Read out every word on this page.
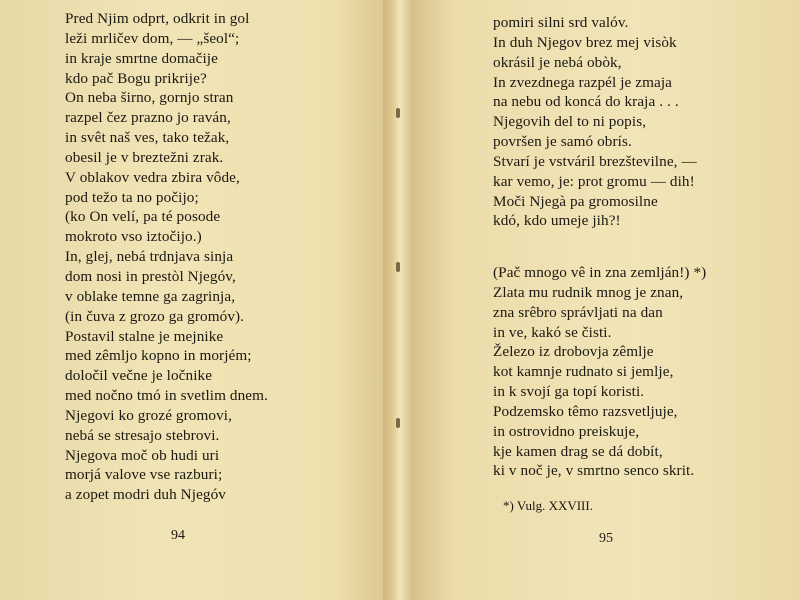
Pred Njim odprt, odkrit in gol
leži mrličev dom, — „šeol“;
in kraje smrtne domačije
kdo pač Bogu prikrije?
On neba širno, gornjo stran
razpel čez prazno jo raván,
in svêt naš ves, tako težak,
obesil je v breztežni zrak.
V oblakov vedra zbira vôde,
pod težo ta no počijo;
(ko On velí, pa té posode
mokroto vso iztočijo.)
In, glej, nebá trdnjava sinja
dom nosi in prestòl Njegóv,
v oblake temne ga zagrinja,
(in čuva z grozo ga gromóv).
Postavil stalne je mejnike
med zêmljo kopno in morjém;
določil večne je ločnike
med nočno tmó in svetlim dnem.
Njegovi ko grozé gromovi,
nebá se stresajo stebrovi.
Njegova moč ob hudi uri
morjá valove vse razburi;
a zopet modri duh Njegóv
94
pomiri silni srd valóv.
In duh Njegov brez mej visòk
okrásil je nebá obòk,
In zvezdnega razpél je zmaja
na nebu od koncá do kraja . . .
Njegovih del to ni popis,
površen je samó obrís.
Stvarí je vstváril brezštevilne, —
kar vemo, je: prot gromu — dih!
Moči Njegà pa gromosilne
kdó, kdo umeje jih?!
(Pač mnogo vê in zna zemlján!) *)
Zlata mu rudnik mnog je znan,
zna srêbro správljati na dan
in ve, kakó se čisti.
Železo iz drobovja zêmlje
kot kamnje rudnato si jemlje,
in k svojí ga topí koristi.
Podzemsko têmo razsvetljuje,
in ostrovidno preiskuje,
kje kamen drag se dá dobít,
ki v noč je, v smrtno senco skrit.
*) Vulg. XXVIII.
95
